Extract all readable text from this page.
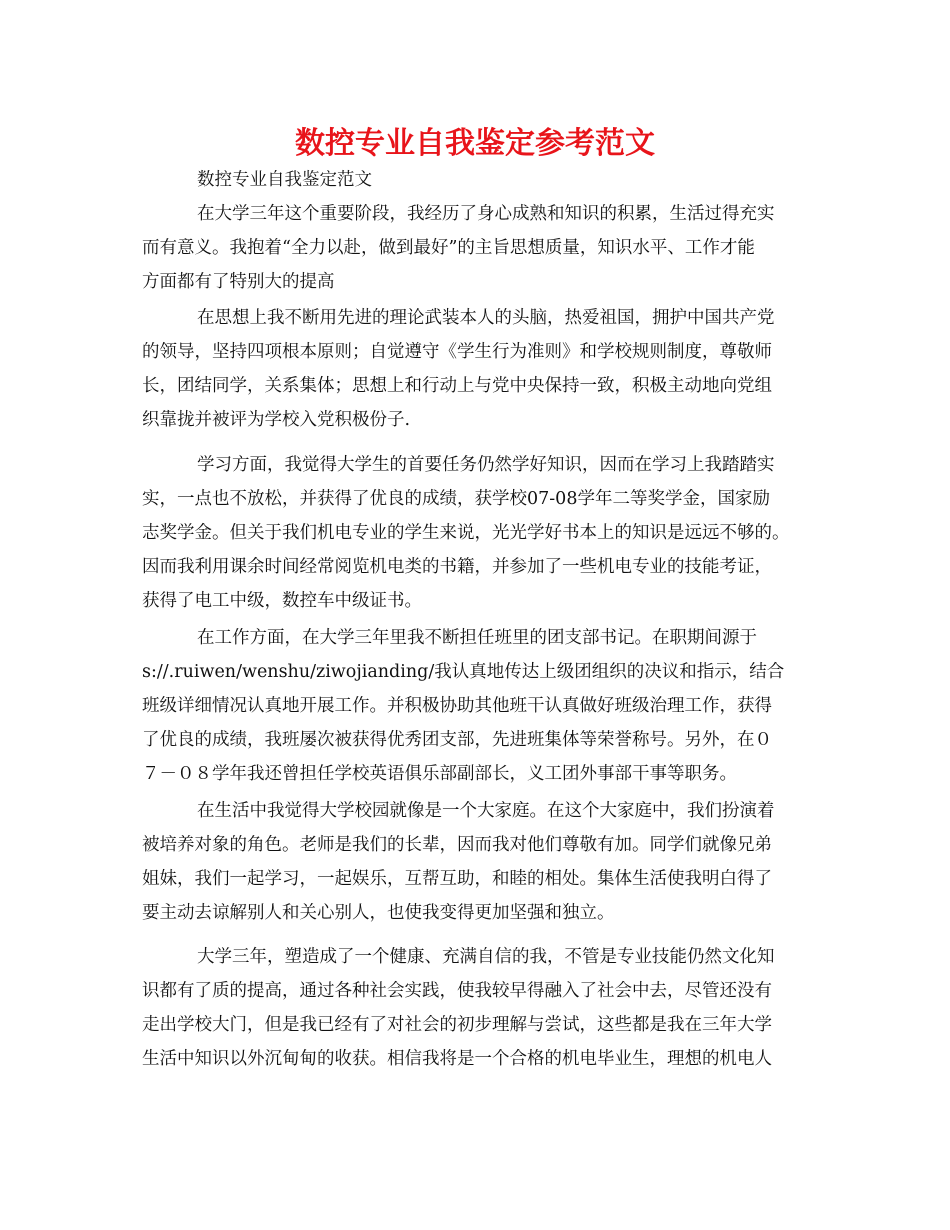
数控专业自我鉴定参考范文

数控专业自我鉴定范文

在大学三年这个重要阶段，我经历了身心成熟和知识的积累，生活过得充实

而有意义。我抱着“全力以赴，做到最好”的主旨思想质量，知识水平、工作才能

方面都有了特别大的提高

在思想上我不断用先进的理论武装本人的头脑，热爱祖国，拥护中国共产党

的领导，坚持四项根本原则；自觉遵守《学生行为准则》和学校规则制度，尊敬师

长，团结同学，关系集体；思想上和行动上与党中央保持一致，积极主动地向党组

织靠拢并被评为学校入党积极份子.

学习方面，我觉得大学生的首要任务仍然学好知识，因而在学习上我踏踏实

实，一点也不放松，并获得了优良的成绩，获学校07-08学年二等奖学金，国家励

志奖学金。但关于我们机电专业的学生来说，光光学好书本上的知识是远远不够的。

因而我利用课余时间经常阅览机电类的书籍，并参加了一些机电专业的技能考证，

获得了电工中级，数控车中级证书。

在工作方面，在大学三年里我不断担任班里的团支部书记。在职期间源于

s://.ruiwen/wenshu/ziwojianding/我认真地传达上级团组织的决议和指示，结合

班级详细情况认真地开展工作。并积极协助其他班干认真做好班级治理工作，获得

了优良的成绩，我班屡次被获得优秀团支部，先进班集体等荣誉称号。另外，在０

７－０８学年我还曾担任学校英语俱乐部副部长，义工团外事部干事等职务。

在生活中我觉得大学校园就像是一个大家庭。在这个大家庭中，我们扮演着

被培养对象的角色。老师是我们的长辈，因而我对他们尊敬有加。同学们就像兄弟

姐妹，我们一起学习，一起娱乐，互帮互助，和睦的相处。集体生活使我明白得了

要主动去谅解别人和关心别人，也使我变得更加坚强和独立。

大学三年，塑造成了一个健康、充满自信的我，不管是专业技能仍然文化知

识都有了质的提高，通过各种社会实践，使我较早得融入了社会中去，尽管还没有

走出学校大门，但是我已经有了对社会的初步理解与尝试，这些都是我在三年大学

生活中知识以外沉甸甸的收获。相信我将是一个合格的机电毕业生，理想的机电人
